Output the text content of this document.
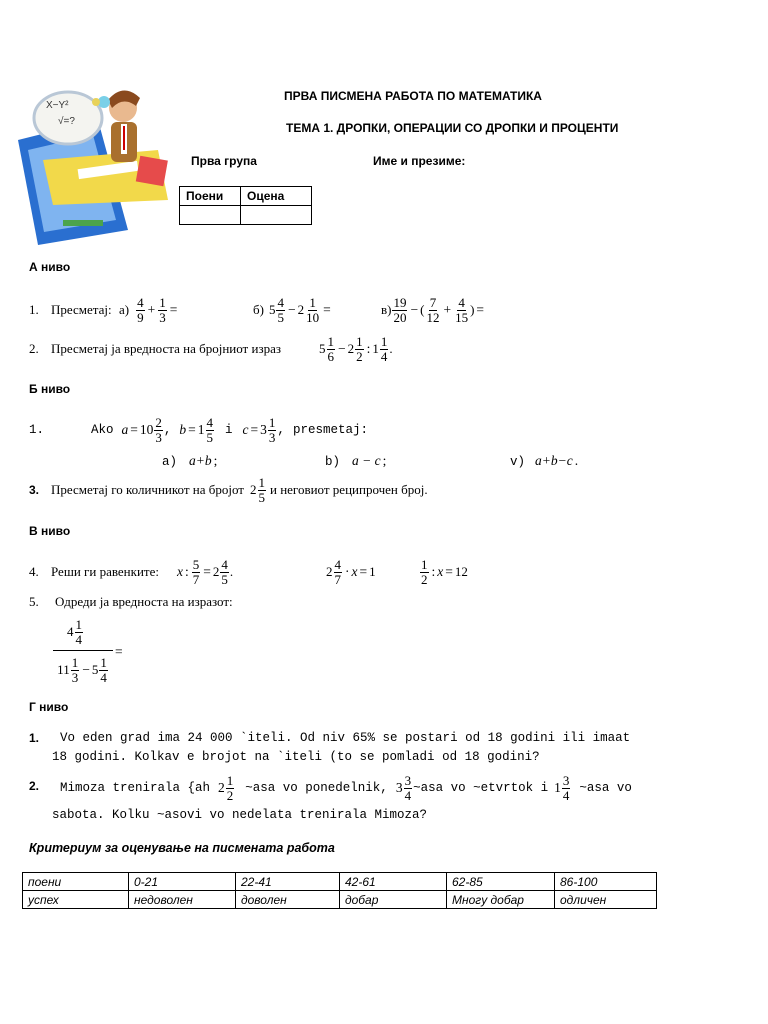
X−Y²
√=?
ПРВА ПИСМЕНА РАБОТА ПО МАТЕМАТИКА
ТЕМА 1. ДРОПКИ, ОПЕРАЦИИ СО ДРОПКИ И ПРОЦЕНТИ
Прва група	Име и презиме:
Поени	Оцена

А ниво
1. Пресметај: а) 4
$9 + \frac{1}{3}$ =	б) 5 4
$5 - 2 \frac{1}{10}$ =	в) 19
20 − ( 7
$12 + \frac{4}{15}$ ) =
2. Пресметај ја вредноста на бројниот израз	5 1
6 − 2 1
2 : 1 1
4 .
Б ниво
1.	Ako a = 10 2
3 , b = 1 4
5 i c = 3 1
3 , presmetaj:
а) a+b ;	b) a − c ;	v) a+b−c .
3. Пресметај го количникот на бројот 2 1
5 и неговиот реципрочен број.
В ниво
4. Реши ги равенките:	x : $\frac{5}{7} = 2$ 4
5 .	2 4
7 · x = 1	1
2 : x = 12
5. Одреди ја вредноста на изразот:
4 1
4
11 1
3 − 5 1
4
=
Г ниво
1. Vo eden grad ima 24 000 `iteli. Od niv 65% se postari od 18 godini ili imaat
18 godini. Kolkav e brojot na `iteli (to se pomladi od 18 godini?
2. Mimoza trenirala {ah 2 1
2 ~asa vo ponedelnik, 3 3
4 ~asa vo ~etvrtok i 1 3
4 ~asa vo
sabota. Kolku ~asovi vo nedelata trenirala Mimoza?
Критериум за оценување на писмената работа
поени	0-21	22-41	42-61	62-85	86-100
успех	недоволен	доволен	добар	Многу добар	одличен
